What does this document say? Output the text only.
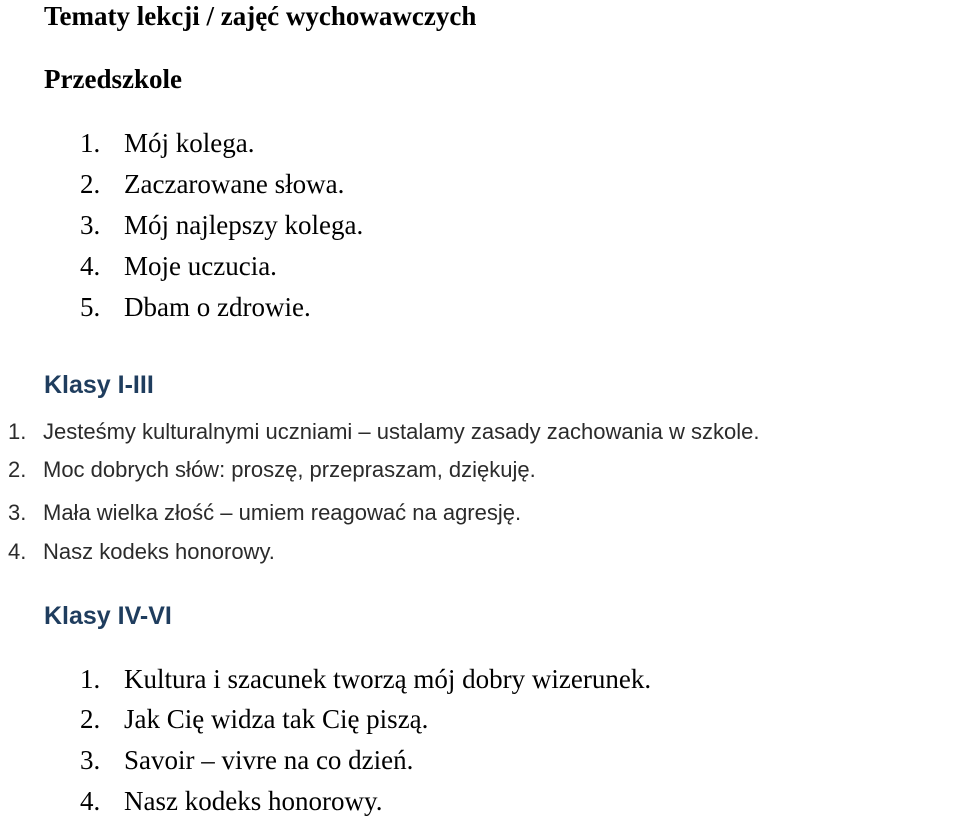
Tematy lekcji / zajęć wychowawczych
Przedszkole
1. Mój kolega.
2. Zaczarowane słowa.
3. Mój najlepszy kolega.
4. Moje uczucia.
5. Dbam o zdrowie.
Klasy I-III
1. Jesteśmy kulturalnymi uczniami – ustalamy zasady zachowania w szkole.
2. Moc dobrych słów: proszę, przepraszam, dziękuję.
3. Mała wielka złość – umiem reagować na agresję.
4. Nasz kodeks honorowy.
Klasy IV-VI
1. Kultura i szacunek tworzą mój dobry wizerunek.
2. Jak Cię widza tak Cię piszą.
3. Savoir – vivre na co dzień.
4. Nasz kodeks honorowy.
